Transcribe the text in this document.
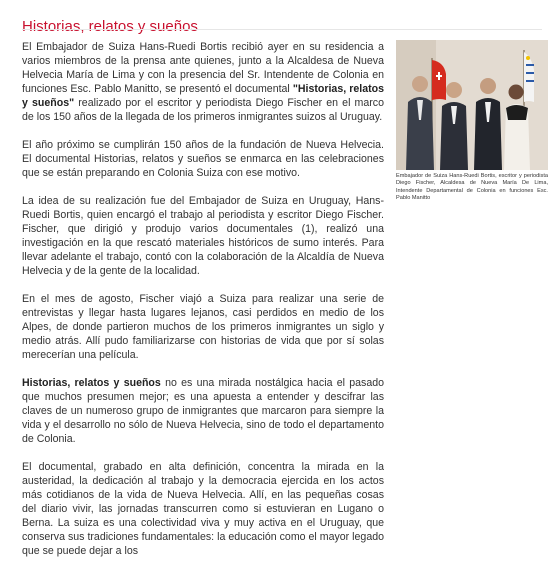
Historias, relatos y sueños

El Embajador de Suiza Hans-Ruedi Bortis recibió ayer en su residencia a varios miembros de la prensa ante quienes, junto a la Alcaldesa de Nueva Helvecia María de Lima y con la presencia del Sr. Intendente de Colonia en funciones Esc. Pablo Manitto, se presentó el documental "Historias, relatos y sueños" realizado por el escritor y periodista Diego Fischer en el marco de los 150 años de la llegada de los primeros inmigrantes suizos al Uruguay.

El año próximo se cumplirán 150 años de la fundación de Nueva Helvecia. El documental Historias, relatos y sueños se enmarca en las celebraciones que se están preparando en Colonia Suiza con ese motivo.

La idea de su realización fue del Embajador de Suiza en Uruguay, Hans-Ruedi Bortis, quien encargó el trabajo al periodista y escritor Diego Fischer. Fischer, que dirigió y produjo varios documentales (1), realizó una investigación en la que rescató materiales históricos de sumo interés. Para llevar adelante el trabajo, contó con la colaboración de la Alcaldía de Nueva Helvecia y de la gente de la localidad.

En el mes de agosto, Fischer viajó a Suiza para realizar una serie de entrevistas y llegar hasta lugares lejanos, casi perdidos en medio de los Alpes, de donde partieron muchos de los primeros inmigrantes un siglo y medio atrás. Allí pudo familiarizarse con historias de vida que por sí solas merecerían una película.

Historias, relatos y sueños no es una mirada nostálgica hacia el pasado que muchos presumen mejor; es una apuesta a entender y descifrar las claves de un numeroso grupo de inmigrantes que marcaron para siempre la vida y el desarrollo no sólo de Nueva Helvecia, sino de todo el departamento de Colonia.

El documental, grabado en alta definición, concentra la mirada en la austeridad, la dedicación al trabajo y la democracia ejercida en los actos más cotidianos de la vida de Nueva Helvecia. Allí, en las pequeñas cosas del diario vivir, las jornadas transcurren como si estuvieran en Lugano o Berna. La suiza es una colectividad viva y muy activa en el Uruguay, que conserva sus tradiciones fundamentales: la educación como el mayor legado que se puede dejar a los

Embajador de Suiza Hans-Ruedi Bortis, escritor y periodista Diego Fischer, Alcaldesa de Nueva María De Lima, Intendente Departamental de Colonia en funciones Esc. Pablo Manitto
